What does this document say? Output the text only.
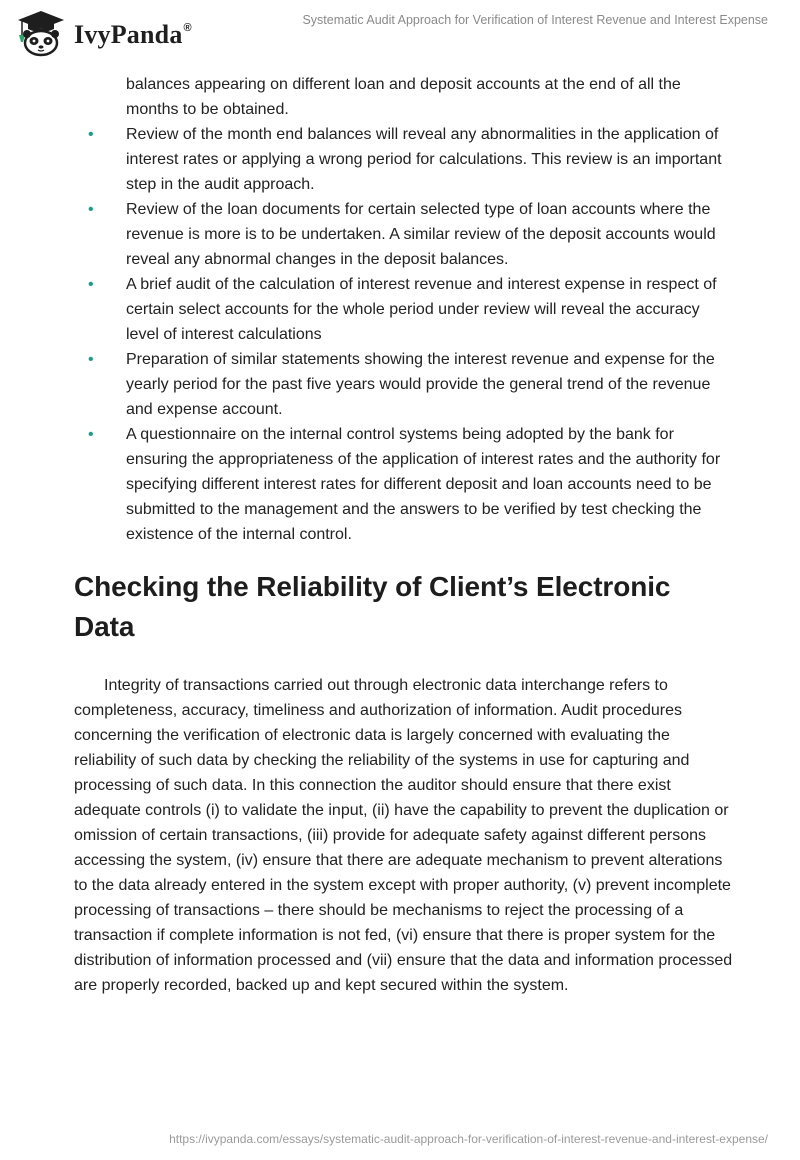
IvyPanda®
Systematic Audit Approach for Verification of Interest Revenue and Interest Expense

balances appearing on different loan and deposit accounts at the end of all the months to be obtained.

• Review of the month end balances will reveal any abnormalities in the application of interest rates or applying a wrong period for calculations. This review is an important step in the audit approach.
• Review of the loan documents for certain selected type of loan accounts where the revenue is more is to be undertaken. A similar review of the deposit accounts would reveal any abnormal changes in the deposit balances.
• A brief audit of the calculation of interest revenue and interest expense in respect of certain select accounts for the whole period under review will reveal the accuracy level of interest calculations
• Preparation of similar statements showing the interest revenue and expense for the yearly period for the past five years would provide the general trend of the revenue and expense account.
• A questionnaire on the internal control systems being adopted by the bank for ensuring the appropriateness of the application of interest rates and the authority for specifying different interest rates for different deposit and loan accounts need to be submitted to the management and the answers to be verified by test checking the existence of the internal control.
Checking the Reliability of Client’s Electronic Data

Integrity of transactions carried out through electronic data interchange refers to completeness, accuracy, timeliness and authorization of information. Audit procedures concerning the verification of electronic data is largely concerned with evaluating the reliability of such data by checking the reliability of the systems in use for capturing and processing of such data. In this connection the auditor should ensure that there exist adequate controls (i) to validate the input, (ii) have the capability to prevent the duplication or omission of certain transactions, (iii) provide for adequate safety against different persons accessing the system, (iv) ensure that there are adequate mechanism to prevent alterations to the data already entered in the system except with proper authority, (v) prevent incomplete processing of transactions – there should be mechanisms to reject the processing of a transaction if complete information is not fed, (vi) ensure that there is proper system for the distribution of information processed and (vii) ensure that the data and information processed are properly recorded, backed up and kept secured within the system.

https://ivypanda.com/essays/systematic-audit-approach-for-verification-of-interest-revenue-and-interest-expense/
